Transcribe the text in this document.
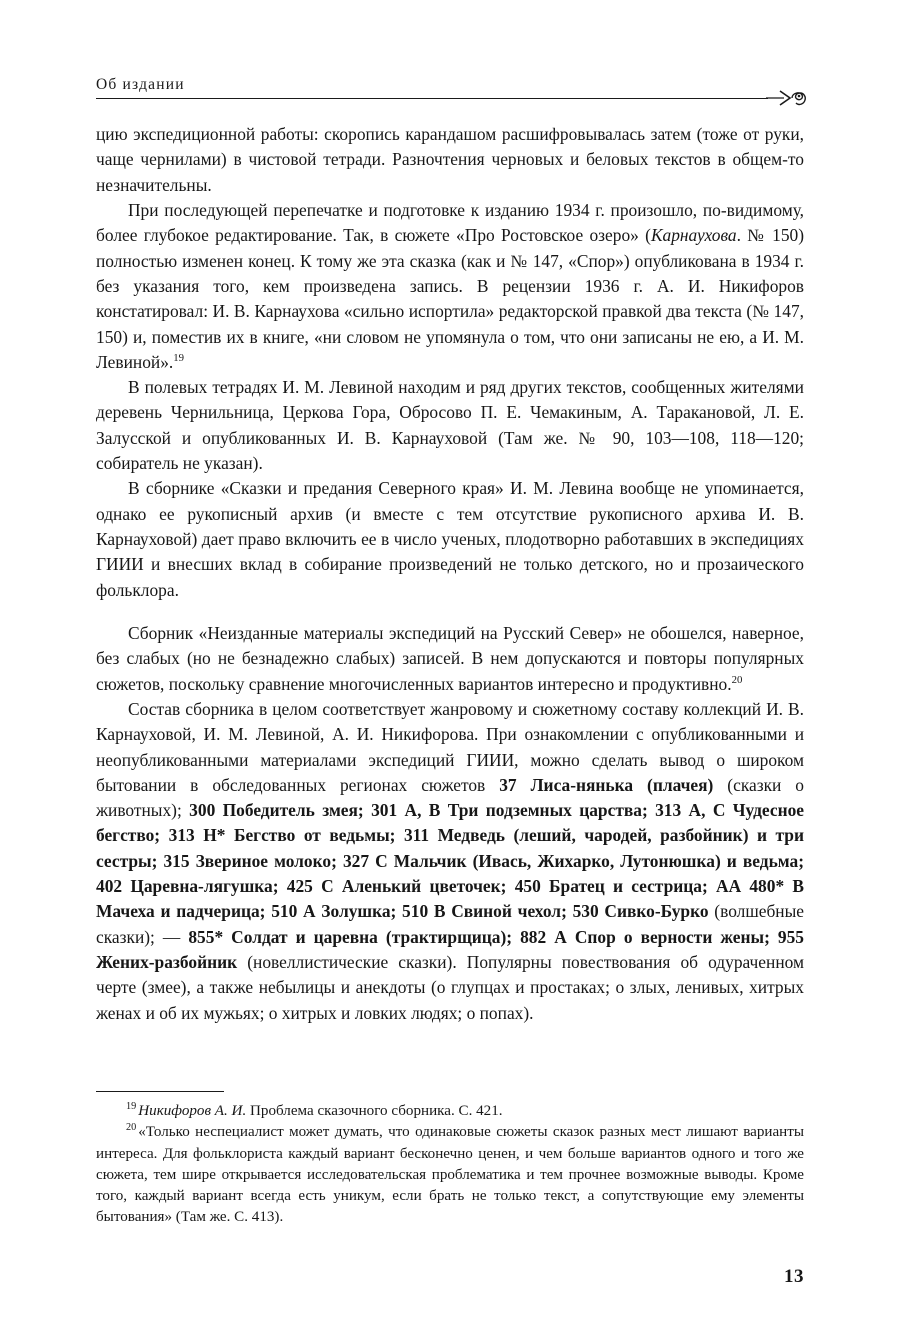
Об издании

цию экспедиционной работы: скоропись карандашом расшифровывалась затем (тоже от руки, чаще чернилами) в чистовой тетради. Разночтения черновых и беловых текстов в общем-то незначительны.

При последующей перепечатке и подготовке к изданию 1934 г. произошло, по-видимому, более глубокое редактирование. Так, в сюжете «Про Ростовское озеро» (Карнаухова. № 150) полностью изменен конец. К тому же эта сказка (как и № 147, «Спор») опубликована в 1934 г. без указания того, кем произведена запись. В рецензии 1936 г. А. И. Никифоров констатировал: И. В. Карнаухова «сильно испортила» редакторской правкой два текста (№ 147, 150) и, поместив их в книге, «ни словом не упомянула о том, что они записаны не ею, а И. М. Левиной».$^{19}$

В полевых тетрадях И. М. Левиной находим и ряд других текстов, сообщенных жителями деревень Чернильница, Церкова Гора, Обросово П. Е. Чемакиным, А. Таракановой, Л. Е. Залусской и опубликованных И. В. Карнауховой (Там же. № 90, 103—108, 118—120; собиратель не указан).

В сборнике «Сказки и предания Северного края» И. М. Левина вообще не упоминается, однако ее рукописный архив (и вместе с тем отсутствие рукописного архива И. В. Карнауховой) дает право включить ее в число ученых, плодотворно работавших в экспедициях ГИИИ и внесших вклад в собирание произведений не только детского, но и прозаического фольклора.

Сборник «Неизданные материалы экспедиций на Русский Север» не обошелся, наверное, без слабых (но не безнадежно слабых) записей. В нем допускаются и повторы популярных сюжетов, поскольку сравнение многочисленных вариантов интересно и продуктивно.$^{20}$

Состав сборника в целом соответствует жанровому и сюжетному составу коллекций И. В. Карнауховой, И. М. Левиной, А. И. Никифорова. При ознакомлении с опубликованными и неопубликованными материалами экспедиций ГИИИ, можно сделать вывод о широком бытовании в обследованных регионах сюжетов 37 Лиса-нянька (плачея) (сказки о животных); 300 Победитель змея; 301 А, В Три подземных царства; 313 А, С Чудесное бегство; 313 Н* Бегство от ведьмы; 311 Медведь (леший, чародей, разбойник) и три сестры; 315 Звериное молоко; 327 С Мальчик (Ивась, Жихарко, Лутонюшка) и ведьма; 402 Царевна-лягушка; 425 С Аленький цветочек; 450 Братец и сестрица; АА 480* В Мачеха и падчерица; 510 А Золушка; 510 В Свиной чехол; 530 Сивко-Бурко (волшебные сказки); — 855* Солдат и царевна (трактирщица); 882 А Спор о верности жены; 955 Жених-разбойник (новеллистические сказки). Популярны повествования об одураченном черте (змее), а также небылицы и анекдоты (о глупцах и простаках; о злых, ленивых, хитрых женах и об их мужьях; о хитрых и ловких людях; о попах).

$^{19}$ Никифоров А. И. Проблема сказочного сборника. С. 421.

$^{20}$ «Только неспециалист может думать, что одинаковые сюжеты сказок разных мест лишают варианты интереса. Для фольклориста каждый вариант бесконечно ценен, и чем больше вариантов одного и того же сюжета, тем шире открывается исследовательская проблематика и тем прочнее возможные выводы. Кроме того, каждый вариант всегда есть уникум, если брать не только текст, а сопутствующие ему элементы бытования» (Там же. С. 413).

13
